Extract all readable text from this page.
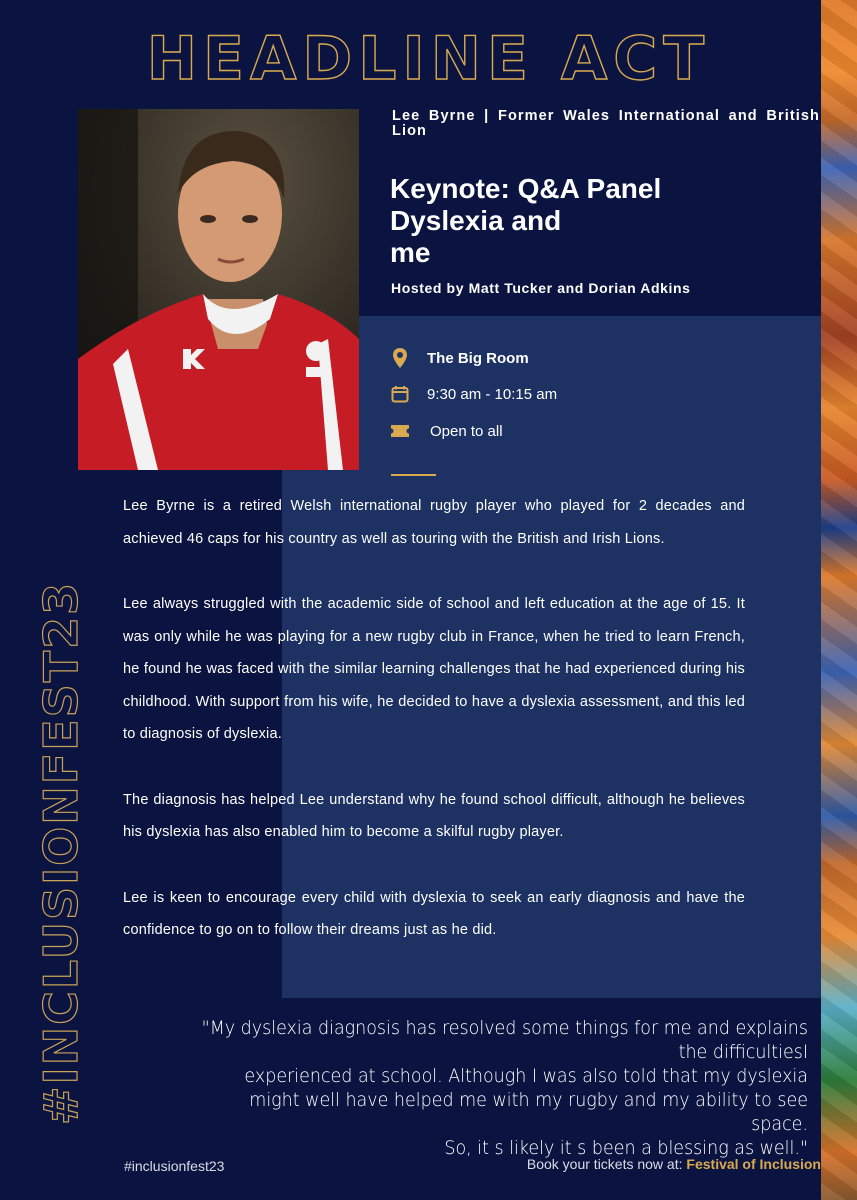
HEADLINE ACT
Lee Byrne | Former Wales International and British Lion
Keynote: Q&A Panel
Dyslexia and
me
Hosted by Matt Tucker and Dorian Adkins
The Big Room
9:30 am - 10:15 am
Open to all

Lee Byrne is a retired Welsh international rugby player who played for 2 decades and achieved 46 caps for his country as well as touring with the British and Irish Lions.

Lee always struggled with the academic side of school and left education at the age of 15. It was only while he was playing for a new rugby club in France, when he tried to learn French, he found he was faced with the similar learning challenges that he had experienced during his childhood. With support from his wife, he decided to have a dyslexia assessment, and this led to diagnosis of dyslexia.

The diagnosis has helped Lee understand why he found school difficult, although he believes his dyslexia has also enabled him to become a skilful rugby player.

Lee is keen to encourage every child with dyslexia to seek an early diagnosis and have the confidence to go on to follow their dreams just as he did.

"My dyslexia diagnosis has resolved some things for me and explains the difficultiesI
experienced at school. Although I was also told that my dyslexia
might well have helped me with my rugby and my ability to see space.
So, it s likely it s been a blessing as well."
#INCLUSIONFEST23
#inclusionfest23	Book your tickets now at: Festival of Inclusion
